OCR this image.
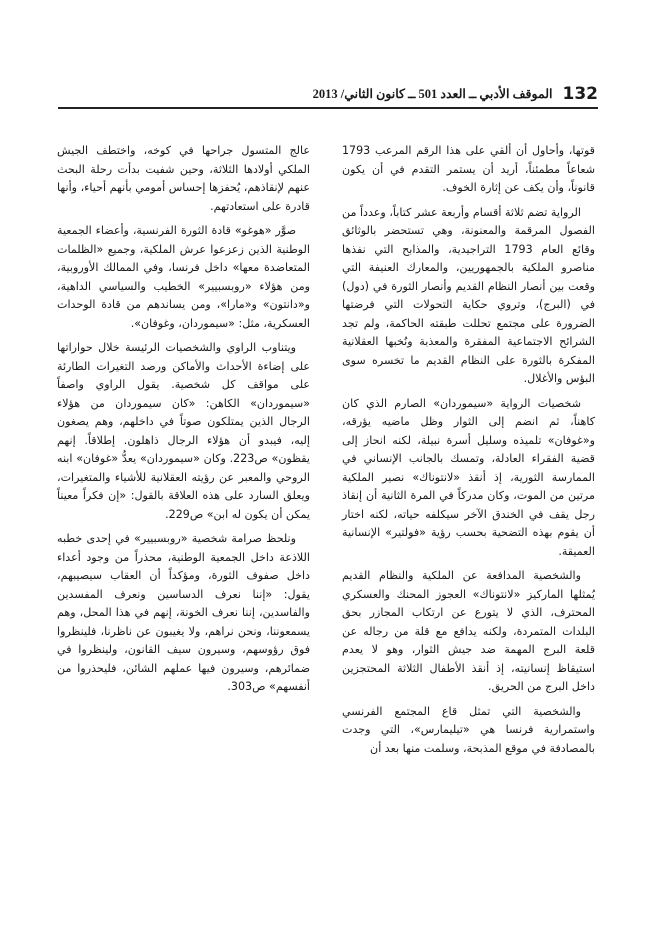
132
الموقف الأدبي ــ العدد 501 ــ كانون الثاني/ 2013

قوتها، وأحاول أن ألقي على هذا الرقم المرعب 1793 شعاعاً مطمئناً، أريد أن يستمر التقدم في أن يكون قانوناً، وأن يكف عن إثارة الخوف.

الرواية تضم ثلاثة أقسام وأربعة عشر كتاباً، وعدداً من الفصول المرقمة والمعنونة، وهي تستحضر بالوثائق وقائع العام 1793 التراجيدية، والمذابح التي نفذها مناصرو الملكية بالجمهوريين، والمعارك العنيفة التي وقعت بين أنصار النظام القديم وأنصار الثورة في (دول) في (البرج)، وتروي حكاية التحولات التي فرضتها الضرورة على مجتمع تحللت طبقته الحاكمة، ولم تجد الشرائح الاجتماعية المفقرة والمعذبة ونُخبها العقلانية المفكرة بالثورة على النظام القديم ما تخسره سوى البؤس والأغلال.

شخصيات الرواية «سيموردان» الصارم الذي كان كاهناً، ثم انضم إلى الثوار وظل ماضيه يؤرقه، و«غوفان» تلميذه وسليل أسرة نبيلة، لكنه انحاز إلى قضية الفقراء العادلة، وتمسك بالجانب الإنساني في الممارسة الثورية، إذ أنقذ «لانتوناك» نصير الملكية مرتين من الموت، وكان مدركاً في المرة الثانية أن إنقاذ رجل يقف في الخندق الآخر سيكلفه حياته، لكنه اختار أن يقوم بهذه التضحية بحسب رؤية «فولتير» الإنسانية العميقة.

والشخصية المدافعة عن الملكية والنظام القديم يُمثلها الماركيز «لانتوناك» العجوز المحنك والعسكري المحترف، الذي لا يتورع عن ارتكاب المجازر بحق البلدات المتمردة، ولكنه يدافع مع قلة من رجاله عن قلعة البرج المهمة ضد جيش الثوار، وهو لا يعدم استيقاظ إنسانيته، إذ أنقذ الأطفال الثلاثة المحتجزين داخل البرج من الحريق.

والشخصية التي تمثل قاع المجتمع الفرنسي واستمرارية فرنسا هي «تيليمارس»، التي وجدت بالمصادفة في موقع المذبحة، وسلمت منها بعد أن

عالج المتسول جراحها في كوخه، واختطف الجيش الملكي أولادها الثلاثة، وحين شفيت بدأت رحلة البحث عنهم لإنقاذهم، يُحفزها إحساس أمومي بأنهم أحياء، وأنها قادرة على استعادتهم.

صوَّر «هوغو» قادة الثورة الفرنسية، وأعضاء الجمعية الوطنية الذين زعزعوا عرش الملكية، وجميع «الظلمات المتعاضدة معها» داخل فرنسا، وفي الممالك الأوروبية، ومن هؤلاء «روبسبيير» الخطيب والسياسي الداهية، و«دانتون» و«مارا»، ومن يساندهم من قادة الوحدات العسكرية، مثل: «سيموردان، وغوفان».

ويتناوب الراوي والشخصيات الرئيسة خلال حواراتها على إضاءة الأحداث والأماكن ورصد التغيرات الطارئة على مواقف كل شخصية. يقول الراوي واصفاً «سيموردان» الكاهن: «كان سيموردان من هؤلاء الرجال الذين يمتلكون صوتاً في داخلهم، وهم يصغون إليه، فيبدو أن هؤلاء الرجال ذاهلون. إطلاقاً. إنهم يقظون» ص223. وكان «سيموردان» يعدُّ «غوفان» ابنه الروحي والمعبر عن رؤيته العقلانية للأشياء والمتغيرات، ويعلق السارد على هذه العلاقة بالقول: «إن فكراً معيناً يمكن أن يكون له ابن» ص229.

ونلحظ صرامة شخصية «روبسبيير» في إحدى خطبه اللاذعة داخل الجمعية الوطنية، محذراً من وجود أعداء داخل صفوف الثورة، ومؤكداً أن العقاب سيصيبهم، يقول: «إننا نعرف الدساسين ونعرف المفسدين والفاسدين، إننا نعرف الخونة، إنهم في هذا المحل، وهم يسمعوننا، ونحن نراهم، ولا يغيبون عن ناظرنا، فلينظروا فوق رؤوسهم، وسيرون سيف القانون، ولينظروا في ضمائرهم، وسيرون فيها عملهم الشائن، فليحذروا من أنفسهم» ص303.
